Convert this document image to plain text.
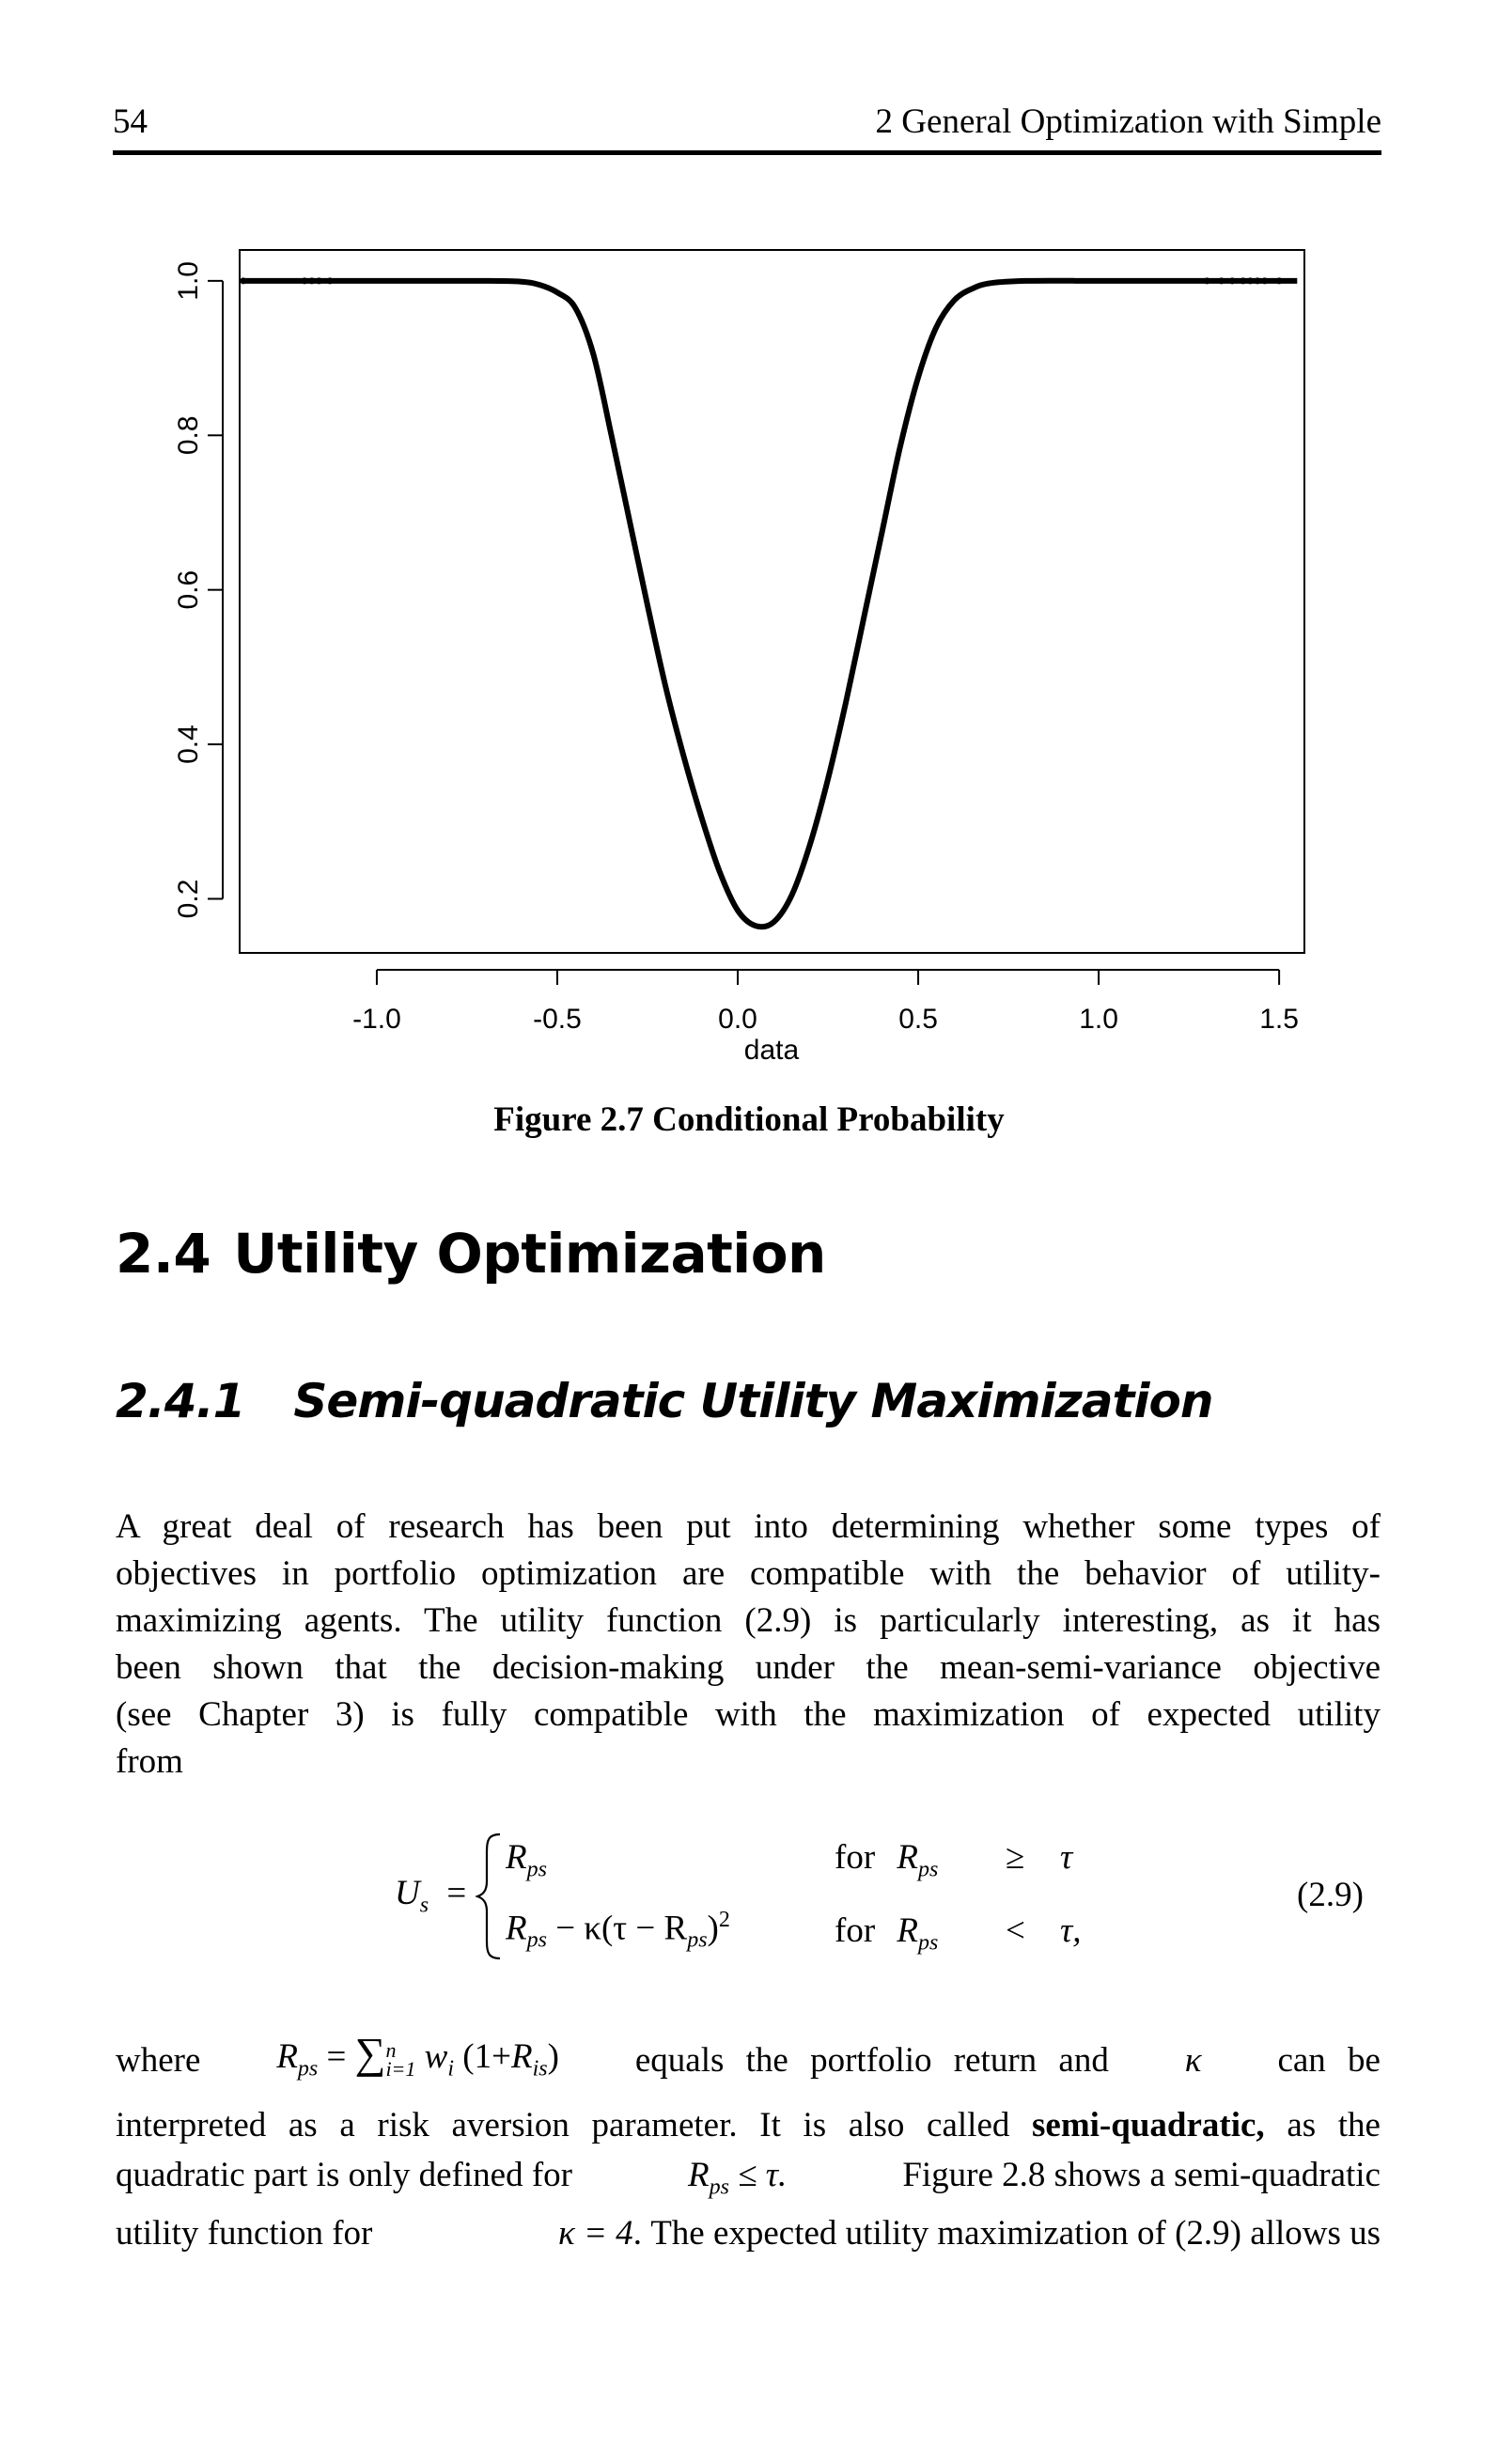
54	2 General Optimization with Simple
-1.0	-0.5	0.0	0.5	1.0	1.5
0.2
0.4
0.6
0.8
1.0
data
Figure 2.7 Conditional Probability
2.4 Utility Optimization
2.4.1 Semi-quadratic Utility Maximization
A great deal of research has been put into determining whether some types of
objectives in portfolio optimization are compatible with the behavior of utility-
maximizing agents. The utility function (2.9) is particularly interesting, as it has
been shown that the decision-making under the mean-semi-variance objective
(see Chapter 3) is fully compatible with the maximization of expected utility
from
$U_s$ =
$R_{ps}$
$R_{ps} - \kappa(\tau - R_{ps})^2$
for $R_{ps} \ge \tau$
for $R_{ps} < \tau$,
(2.9)
where $R_{ps}$ = ∑ n
i=1 $w_i$ $(1+R_{is})$ equals the portfolio return and κ can be
interpreted as a risk aversion parameter. It is also called semi-quadratic, as the
quadratic part is only defined for	$R_{ps} \le \tau$.	Figure 2.8 shows a semi-quadratic
utility function for	κ = 4. The expected utility maximization of (2.9) allows us
